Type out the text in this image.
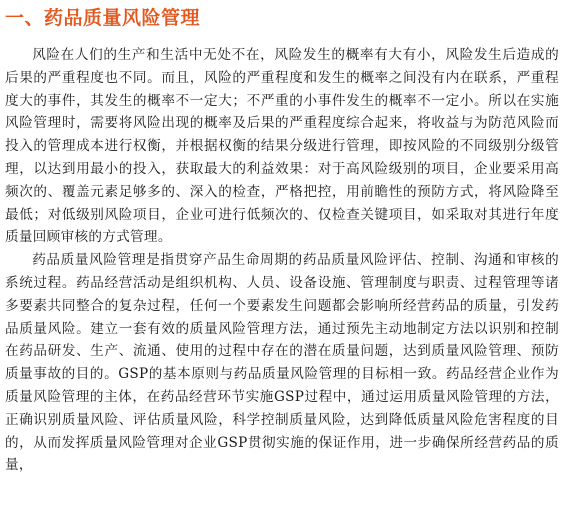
一、药品质量风险管理

风险在人们的生产和生活中无处不在，风险发生的概率有大有小，风险发生后造成的后果的严重程度也不同。而且，风险的严重程度和发生的概率之间没有内在联系，严重程度大的事件，其发生的概率不一定大；不严重的小事件发生的概率不一定小。所以在实施风险管理时，需要将风险出现的概率及后果的严重程度综合起来，将收益与为防范风险而投入的管理成本进行权衡，并根据权衡的结果分级进行管理，即按风险的不同级别分级管理，以达到用最小的投入，获取最大的利益效果：对于高风险级别的项目，企业要采用高频次的、覆盖元素足够多的、深入的检查，严格把控，用前瞻性的预防方式，将风险降至最低；对低级别风险项目，企业可进行低频次的、仅检查关键项目，如采取对其进行年度质量回顾审核的方式管理。

药品质量风险管理是指贯穿产品生命周期的药品质量风险评估、控制、沟通和审核的系统过程。药品经营活动是组织机构、人员、设备设施、管理制度与职责、过程管理等诸多要素共同整合的复杂过程，任何一个要素发生问题都会影响所经营药品的质量，引发药品质量风险。建立一套有效的质量风险管理方法，通过预先主动地制定方法以识别和控制在药品研发、生产、流通、使用的过程中存在的潜在质量问题，达到质量风险管理、预防质量事故的目的。GSP的基本原则与药品质量风险管理的目标相一致。药品经营企业作为质量风险管理的主体，在药品经营环节实施GSP过程中，通过运用质量风险管理的方法，正确识别质量风险、评估质量风险，科学控制质量风险，达到降低质量风险危害程度的目的，从而发挥质量风险管理对企业GSP贯彻实施的保证作用，进一步确保所经营药品的质量，
